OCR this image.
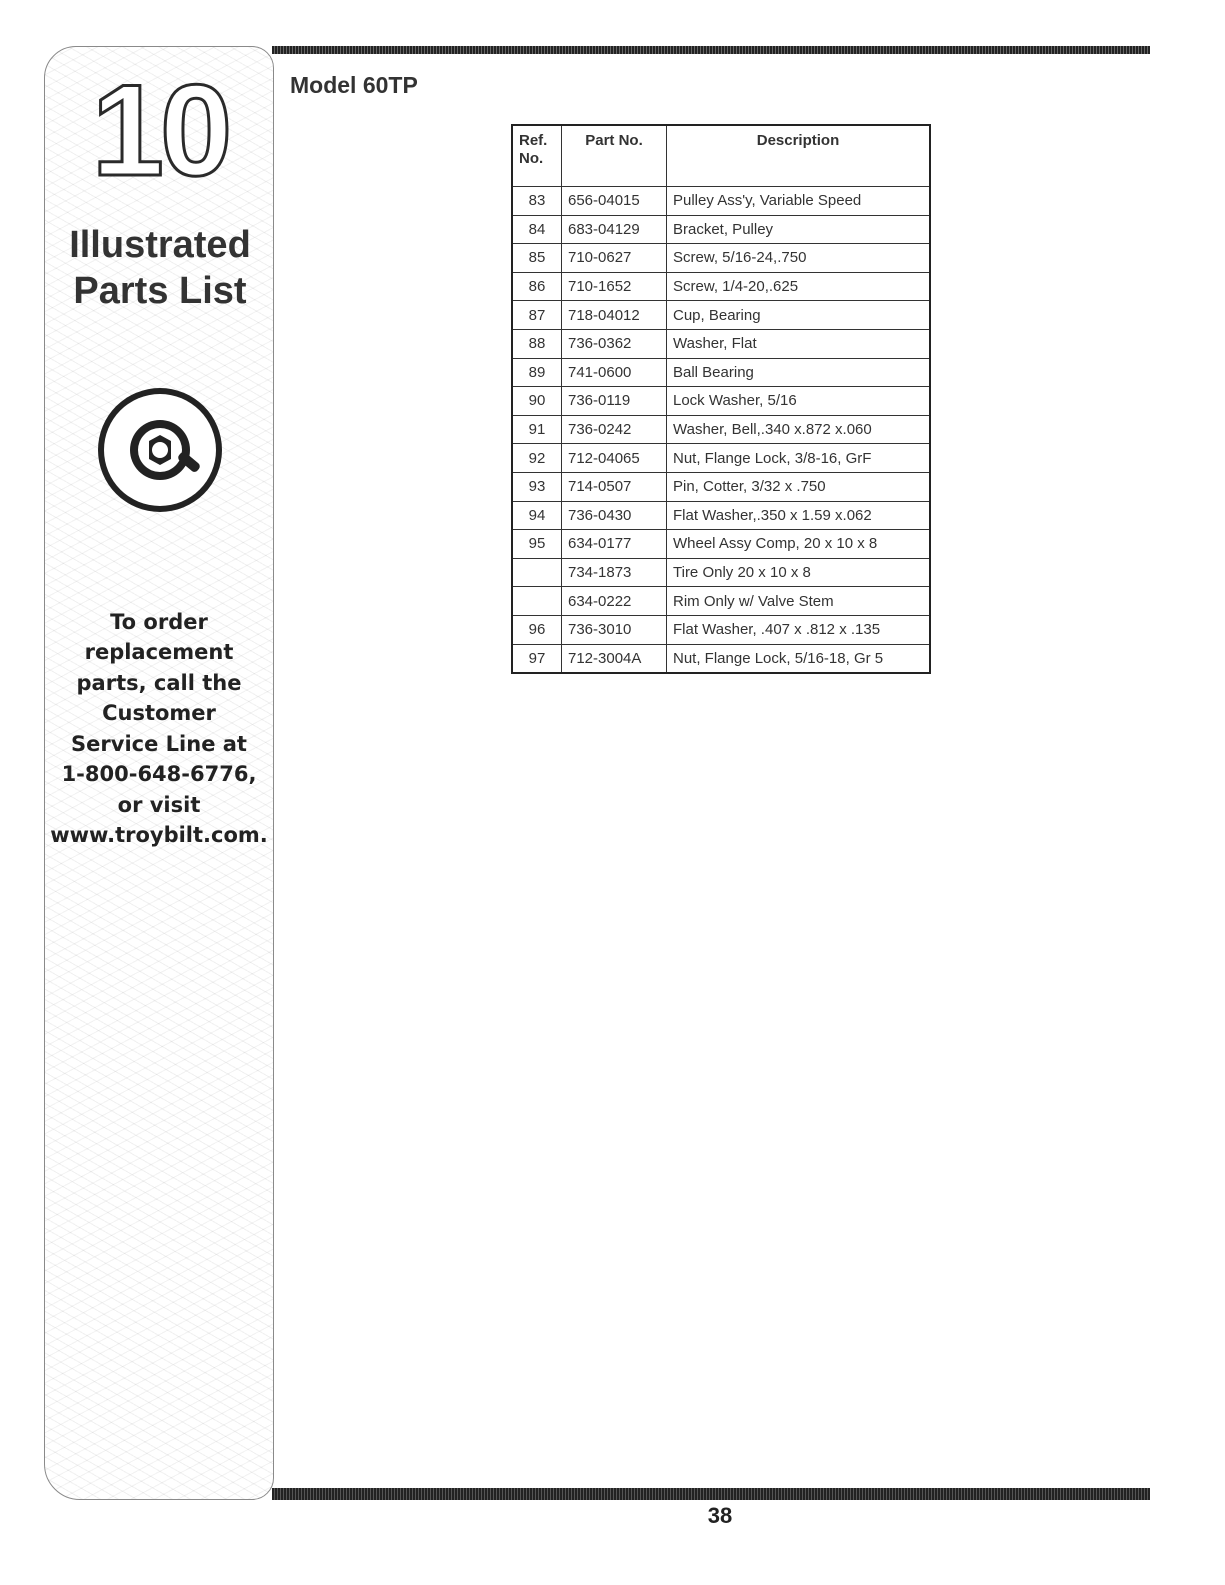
10
Illustrated
Parts List
To order replacement
parts, call the Customer
Service Line at
1-800-648-6776,
or visit
www.troybilt.com.
Model 60TP
Ref.
No.	Part No.	Description
83	656-04015	Pulley Ass'y, Variable Speed
84	683-04129	Bracket, Pulley
85	710-0627	Screw, 5/16-24,.750
86	710-1652	Screw, 1/4-20,.625
87	718-04012	Cup, Bearing
88	736-0362	Washer, Flat
89	741-0600	Ball Bearing
90	736-0119	Lock Washer, 5/16
91	736-0242	Washer, Bell,.340 x.872 x.060
92	712-04065	Nut, Flange Lock, 3/8-16, GrF
93	714-0507	Pin, Cotter, 3/32 x .750
94	736-0430	Flat Washer,.350 x 1.59 x.062
95	634-0177	Wheel Assy Comp, 20 x 10 x 8
	734-1873	Tire Only 20 x 10 x 8
	634-0222	Rim Only w/ Valve Stem
96	736-3010	Flat Washer, .407 x .812 x .135
97	712-3004A	Nut, Flange Lock, 5/16-18, Gr 5
38
